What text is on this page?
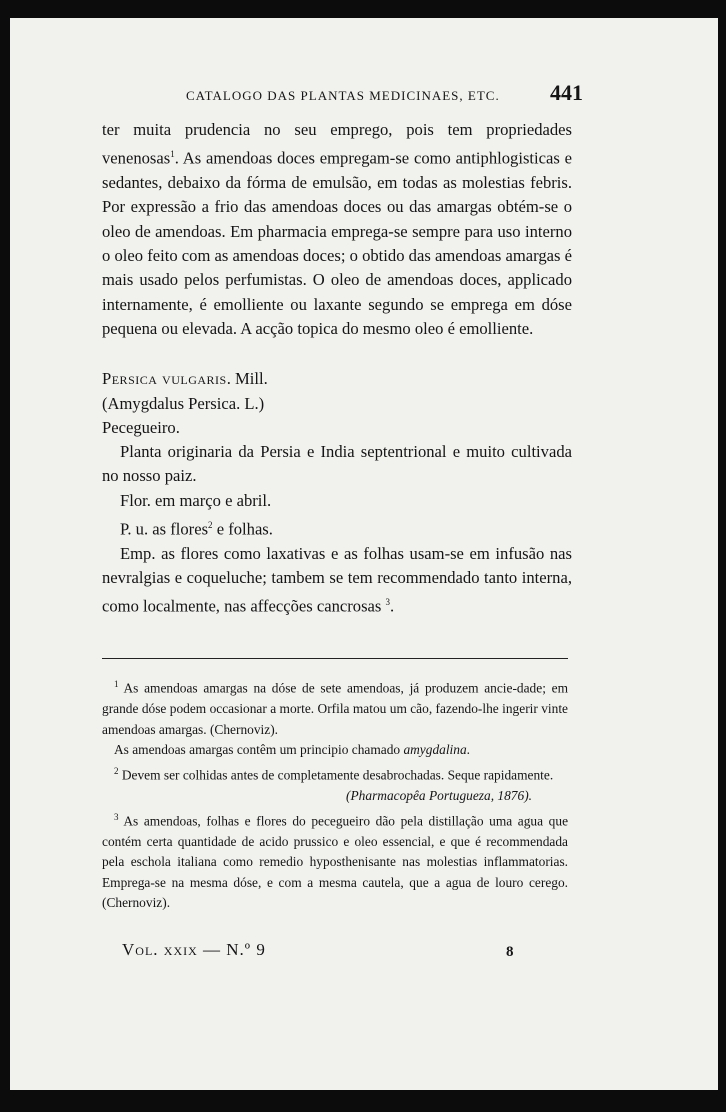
CATALOGO DAS PLANTAS MEDICINAES, ETC. 441

ter muita prudencia no seu emprego, pois tem propriedades venenosas$^1$. As amendoas doces empregam-se como antiphlogisticas e sedantes, debaixo da fórma de emulsão, em todas as molestias febris. Por expressão a frio das amendoas doces ou das amargas obtém-se o oleo de amendoas. Em pharmacia emprega-se sempre para uso interno o oleo feito com as amendoas doces; o obtido das amendoas amargas é mais usado pelos perfumistas. O oleo de amendoas doces, applicado internamente, é emolliente ou laxante segundo se emprega em dóse pequena ou elevada. A acção topica do mesmo oleo é emolliente.

Persica vulgaris. Mill.

(Amygdalus Persica. L.)

Pecegueiro.

Planta originaria da Persia e India septentrional e muito cultivada no nosso paiz.

Flor. em março e abril.

P. u. as flores$^2$ e folhas.

Emp. as flores como laxativas e as folhas usam-se em infusão nas nevralgias e coqueluche; tambem se tem recommendado tanto interna, como localmente, nas affecções cancrosas $^3$.

$^1$ As amendoas amargas na dóse de sete amendoas, já produzem ancie-dade; em grande dóse podem occasionar a morte. Orfila matou um cão, fazendo-lhe ingerir vinte amendoas amargas. (Chernoviz).

As amendoas amargas contêm um principio chamado amygdalina.

$^2$ Devem ser colhidas antes de completamente desabrochadas. Seque rapidamente.

(Pharmacopêa Portugueza, 1876).

$^3$ As amendoas, folhas e flores do pecegueiro dão pela distillação uma agua que contém certa quantidade de acido prussico e oleo essencial, e que é recommendada pela eschola italiana como remedio hyposthenisante nas molestias inflammatorias. Emprega-se na mesma dóse, e com a mesma cautela, que a agua de louro cerego. (Chernoviz).

Vol. xxix — N.º 9	8
